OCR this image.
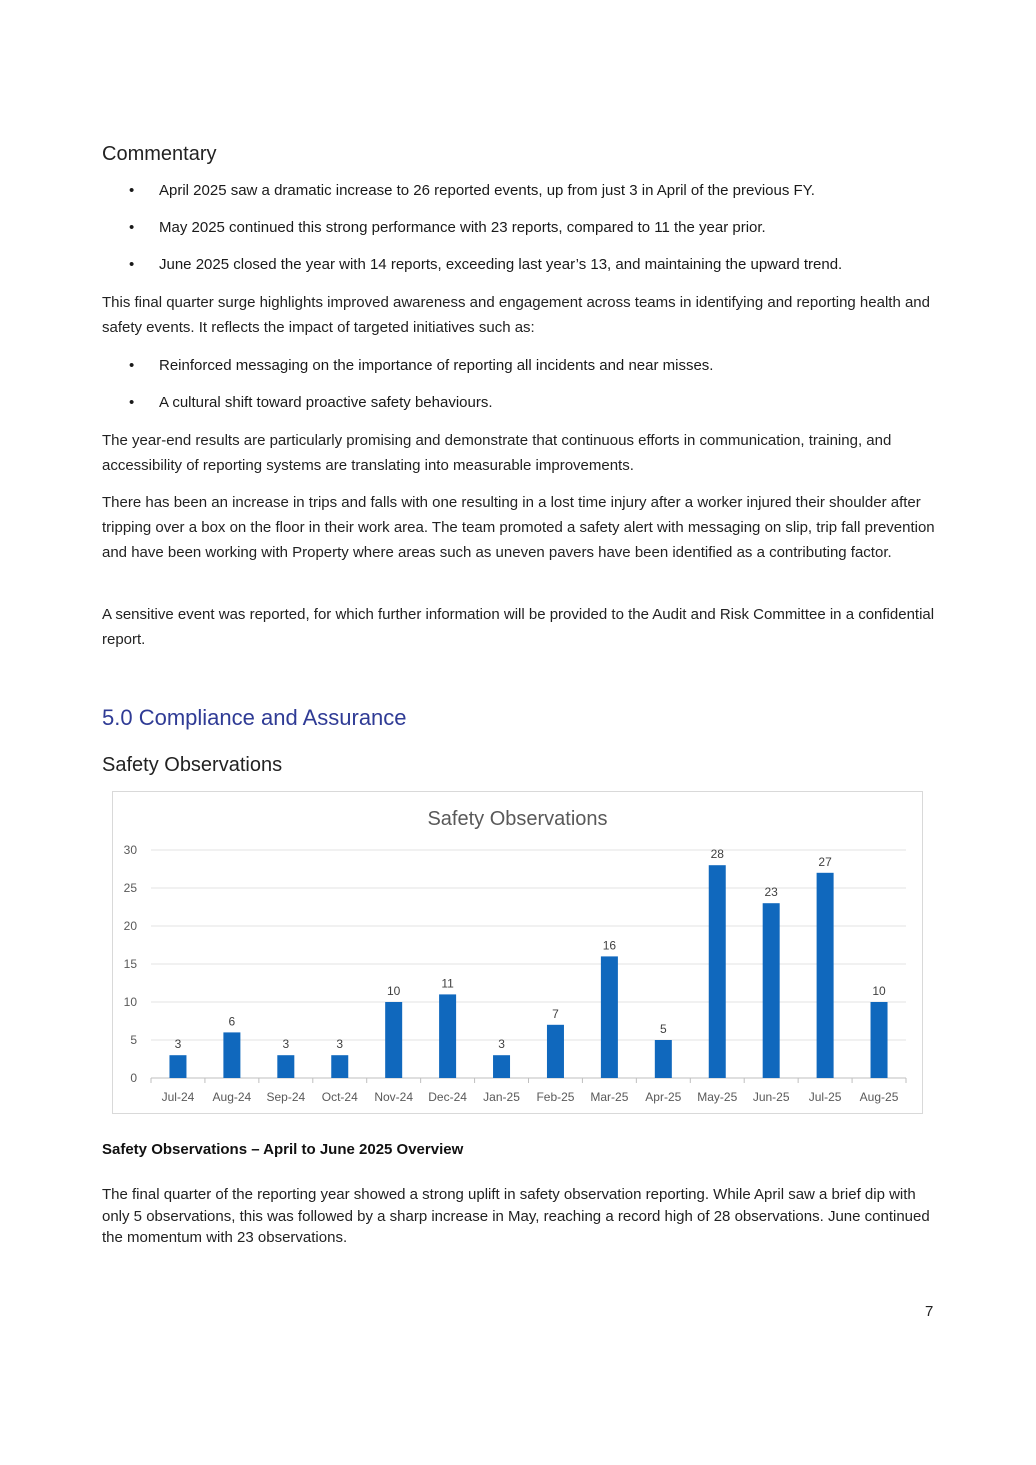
Commentary
• April 2025 saw a dramatic increase to 26 reported events, up from just 3 in April of the previous FY.
• May 2025 continued this strong performance with 23 reports, compared to 11 the year prior.
• June 2025 closed the year with 14 reports, exceeding last year’s 13, and maintaining the upward trend.

This final quarter surge highlights improved awareness and engagement across teams in identifying and reporting health and safety events. It reflects the impact of targeted initiatives such as:

• Reinforced messaging on the importance of reporting all incidents and near misses.
• A cultural shift toward proactive safety behaviours.

The year-end results are particularly promising and demonstrate that continuous efforts in communication, training, and accessibility of reporting systems are translating into measurable improvements.

There has been an increase in trips and falls with one resulting in a lost time injury after a worker injured their shoulder after tripping over a box on the floor in their work area. The team promoted a safety alert with messaging on slip, trip fall prevention and have been working with Property where areas such as uneven pavers have been identified as a contributing factor.

A sensitive event was reported, for which further information will be provided to the Audit and Risk Committee in a confidential report.

5.0 Compliance and Assurance
Safety Observations
Safety Observations
0
5
10
15
20
25
30
3
Jul-24
6
Aug-24
3
Sep-24
3
Oct-24
10
Nov-24
11
Dec-24
3
Jan-25
7
Feb-25
16
Mar-25
5
Apr-25
28
May-25
23
Jun-25
27
Jul-25
10
Aug-25
Safety Observations – April to June 2025 Overview

The final quarter of the reporting year showed a strong uplift in safety observation reporting. While April saw a brief dip with only 5 observations, this was followed by a sharp increase in May, reaching a record high of 28 observations. June continued the momentum with 23 observations.

7
